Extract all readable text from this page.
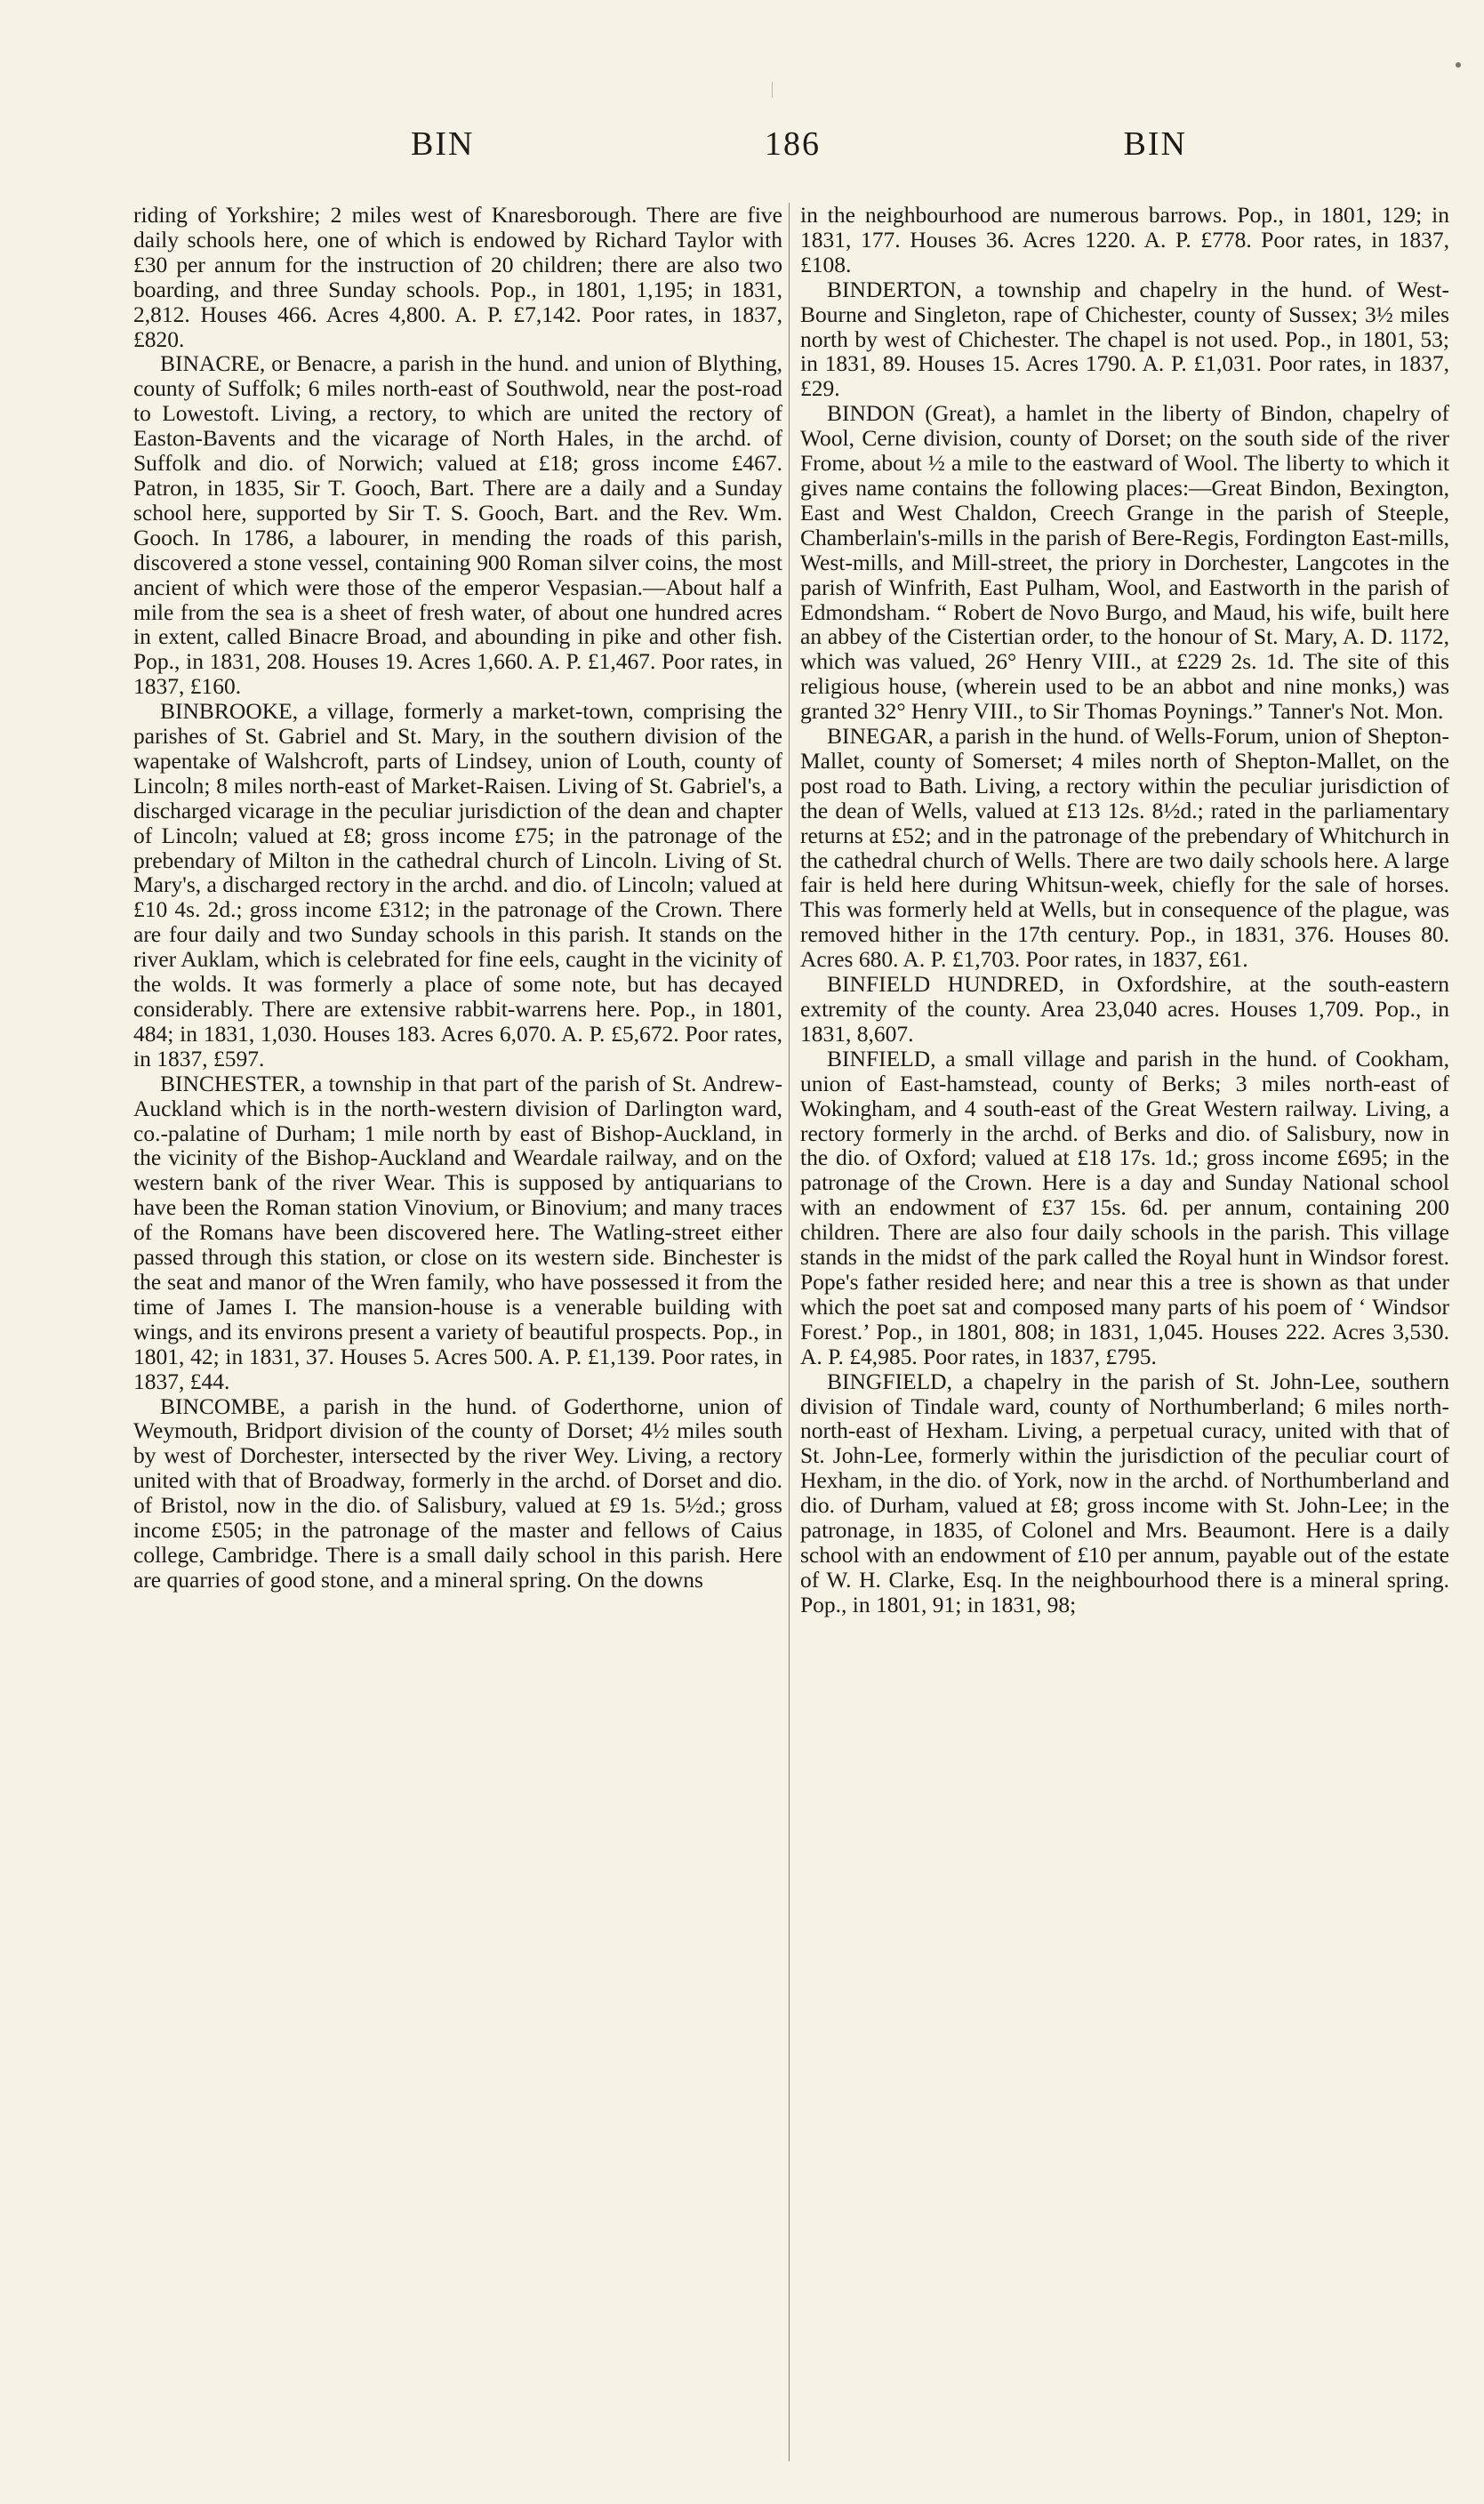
BIN	186	BIN

riding of Yorkshire; 2 miles west of Knaresborough. There are five daily schools here, one of which is endowed by Richard Taylor with £30 per annum for the instruction of 20 children; there are also two boarding, and three Sunday schools. Pop., in 1801, 1,195; in 1831, 2,812. Houses 466. Acres 4,800. A. P. £7,142. Poor rates, in 1837, £820.

BINACRE, or Benacre, a parish in the hund. and union of Blything, county of Suffolk; 6 miles north-east of Southwold, near the post-road to Lowestoft. Living, a rectory, to which are united the rectory of Easton-Bavents and the vicarage of North Hales, in the archd. of Suffolk and dio. of Norwich; valued at £18; gross income £467. Patron, in 1835, Sir T. Gooch, Bart. There are a daily and a Sunday school here, supported by Sir T. S. Gooch, Bart. and the Rev. Wm. Gooch. In 1786, a labourer, in mending the roads of this parish, discovered a stone vessel, containing 900 Roman silver coins, the most ancient of which were those of the emperor Vespasian.—About half a mile from the sea is a sheet of fresh water, of about one hundred acres in extent, called Binacre Broad, and abounding in pike and other fish. Pop., in 1831, 208. Houses 19. Acres 1,660. A. P. £1,467. Poor rates, in 1837, £160.

BINBROOKE, a village, formerly a market-town, comprising the parishes of St. Gabriel and St. Mary, in the southern division of the wapentake of Walshcroft, parts of Lindsey, union of Louth, county of Lincoln; 8 miles north-east of Market-Raisen. Living of St. Gabriel's, a discharged vicarage in the peculiar jurisdiction of the dean and chapter of Lincoln; valued at £8; gross income £75; in the patronage of the prebendary of Milton in the cathedral church of Lincoln. Living of St. Mary's, a discharged rectory in the archd. and dio. of Lincoln; valued at £10 4s. 2d.; gross income £312; in the patronage of the Crown. There are four daily and two Sunday schools in this parish. It stands on the river Auklam, which is celebrated for fine eels, caught in the vicinity of the wolds. It was formerly a place of some note, but has decayed considerably. There are extensive rabbit-warrens here. Pop., in 1801, 484; in 1831, 1,030. Houses 183. Acres 6,070. A. P. £5,672. Poor rates, in 1837, £597.

BINCHESTER, a township in that part of the parish of St. Andrew-Auckland which is in the north-western division of Darlington ward, co.-palatine of Durham; 1 mile north by east of Bishop-Auckland, in the vicinity of the Bishop-Auckland and Weardale railway, and on the western bank of the river Wear. This is supposed by antiquarians to have been the Roman station Vinovium, or Binovium; and many traces of the Romans have been discovered here. The Watling-street either passed through this station, or close on its western side. Binchester is the seat and manor of the Wren family, who have possessed it from the time of James I. The mansion-house is a venerable building with wings, and its environs present a variety of beautiful prospects. Pop., in 1801, 42; in 1831, 37. Houses 5. Acres 500. A. P. £1,139. Poor rates, in 1837, £44.

BINCOMBE, a parish in the hund. of Goderthorne, union of Weymouth, Bridport division of the county of Dorset; 4½ miles south by west of Dorchester, intersected by the river Wey. Living, a rectory united with that of Broadway, formerly in the archd. of Dorset and dio. of Bristol, now in the dio. of Salisbury, valued at £9 1s. 5½d.; gross income £505; in the patronage of the master and fellows of Caius college, Cambridge. There is a small daily school in this parish. Here are quarries of good stone, and a mineral spring. On the downs

in the neighbourhood are numerous barrows. Pop., in 1801, 129; in 1831, 177. Houses 36. Acres 1220. A. P. £778. Poor rates, in 1837, £108.

BINDERTON, a township and chapelry in the hund. of West-Bourne and Singleton, rape of Chichester, county of Sussex; 3½ miles north by west of Chichester. The chapel is not used. Pop., in 1801, 53; in 1831, 89. Houses 15. Acres 1790. A. P. £1,031. Poor rates, in 1837, £29.

BINDON (Great), a hamlet in the liberty of Bindon, chapelry of Wool, Cerne division, county of Dorset; on the south side of the river Frome, about ½ a mile to the eastward of Wool. The liberty to which it gives name contains the following places:—Great Bindon, Bexington, East and West Chaldon, Creech Grange in the parish of Steeple, Chamberlain's-mills in the parish of Bere-Regis, Fordington East-mills, West-mills, and Mill-street, the priory in Dorchester, Langcotes in the parish of Winfrith, East Pulham, Wool, and Eastworth in the parish of Edmondsham. “ Robert de Novo Burgo, and Maud, his wife, built here an abbey of the Cistertian order, to the honour of St. Mary, A. D. 1172, which was valued, 26° Henry VIII., at £229 2s. 1d. The site of this religious house, (wherein used to be an abbot and nine monks,) was granted 32° Henry VIII., to Sir Thomas Poynings.” Tanner's Not. Mon.

BINEGAR, a parish in the hund. of Wells-Forum, union of Shepton-Mallet, county of Somerset; 4 miles north of Shepton-Mallet, on the post road to Bath. Living, a rectory within the peculiar jurisdiction of the dean of Wells, valued at £13 12s. 8½d.; rated in the parliamentary returns at £52; and in the patronage of the prebendary of Whitchurch in the cathedral church of Wells. There are two daily schools here. A large fair is held here during Whitsun-week, chiefly for the sale of horses. This was formerly held at Wells, but in consequence of the plague, was removed hither in the 17th century. Pop., in 1831, 376. Houses 80. Acres 680. A. P. £1,703. Poor rates, in 1837, £61.

BINFIELD HUNDRED, in Oxfordshire, at the south-eastern extremity of the county. Area 23,040 acres. Houses 1,709. Pop., in 1831, 8,607.

BINFIELD, a small village and parish in the hund. of Cookham, union of East-hamstead, county of Berks; 3 miles north-east of Wokingham, and 4 south-east of the Great Western railway. Living, a rectory formerly in the archd. of Berks and dio. of Salisbury, now in the dio. of Oxford; valued at £18 17s. 1d.; gross income £695; in the patronage of the Crown. Here is a day and Sunday National school with an endowment of £37 15s. 6d. per annum, containing 200 children. There are also four daily schools in the parish. This village stands in the midst of the park called the Royal hunt in Windsor forest. Pope's father resided here; and near this a tree is shown as that under which the poet sat and composed many parts of his poem of ‘ Windsor Forest.’ Pop., in 1801, 808; in 1831, 1,045. Houses 222. Acres 3,530. A. P. £4,985. Poor rates, in 1837, £795.

BINGFIELD, a chapelry in the parish of St. John-Lee, southern division of Tindale ward, county of Northumberland; 6 miles north-north-east of Hexham. Living, a perpetual curacy, united with that of St. John-Lee, formerly within the jurisdiction of the peculiar court of Hexham, in the dio. of York, now in the archd. of Northumberland and dio. of Durham, valued at £8; gross income with St. John-Lee; in the patronage, in 1835, of Colonel and Mrs. Beaumont. Here is a daily school with an endowment of £10 per annum, payable out of the estate of W. H. Clarke, Esq. In the neighbourhood there is a mineral spring. Pop., in 1801, 91; in 1831, 98;
